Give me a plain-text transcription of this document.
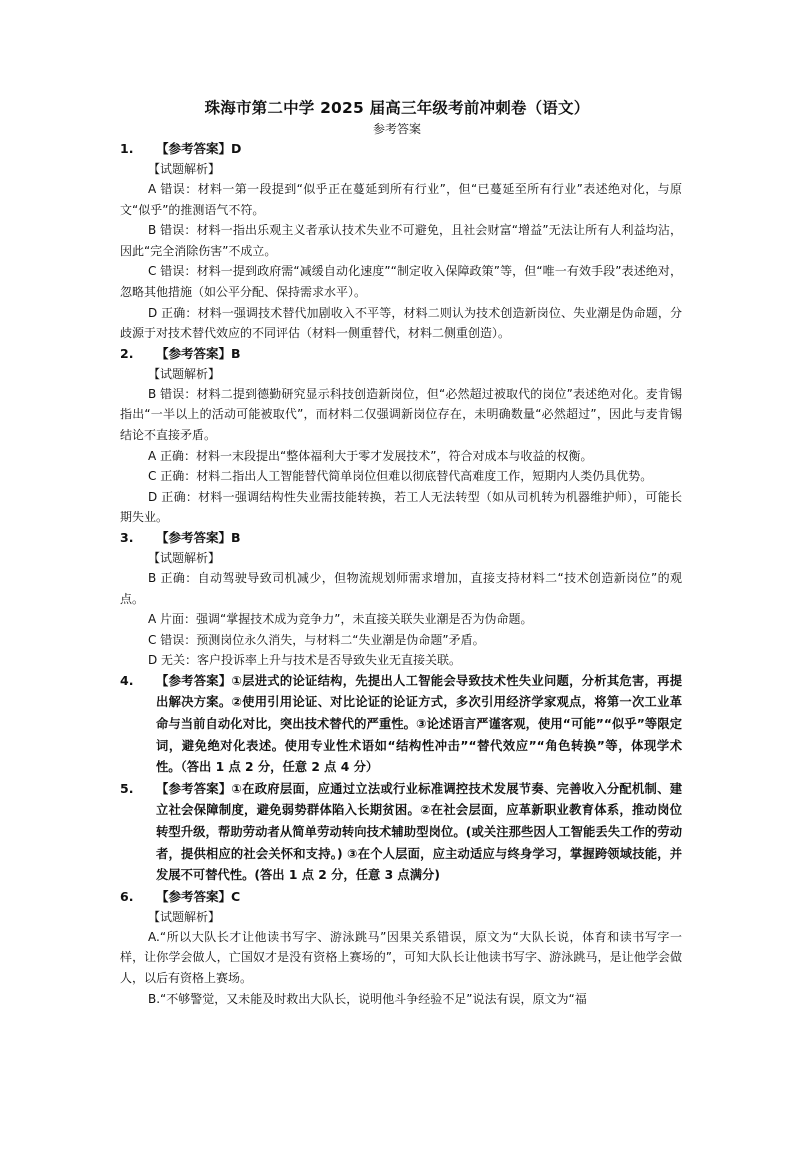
珠海市第二中学 2025 届高三年级考前冲刺卷（语文）
参考答案
1.	【参考答案】D
【试题解析】
A 错误：材料一第一段提到“似乎正在蔓延到所有行业”，但“已蔓延至所有行业”表述绝对化，与原文“似乎”的推测语气不符。
B 错误：材料一指出乐观主义者承认技术失业不可避免，且社会财富“增益”无法让所有人利益均沾，因此“完全消除伤害”不成立。
C 错误：材料一提到政府需“减缓自动化速度”“制定收入保障政策”等，但“唯一有效手段”表述绝对，忽略其他措施（如公平分配、保持需求水平）。
D 正确：材料一强调技术替代加剧收入不平等，材料二则认为技术创造新岗位、失业潮是伪命题，分歧源于对技术替代效应的不同评估（材料一侧重替代，材料二侧重创造）。
2.	【参考答案】B
【试题解析】
B 错误：材料二提到德勤研究显示科技创造新岗位，但“必然超过被取代的岗位”表述绝对化。麦肯锡指出“一半以上的活动可能被取代”，而材料二仅强调新岗位存在，未明确数量“必然超过”，因此与麦肯锡结论不直接矛盾。
A 正确：材料一末段提出“整体福利大于零才发展技术”，符合对成本与收益的权衡。
C 正确：材料二指出人工智能替代简单岗位但难以彻底替代高难度工作，短期内人类仍具优势。
D 正确：材料一强调结构性失业需技能转换，若工人无法转型（如从司机转为机器维护师），可能长期失业。
3.	【参考答案】B
【试题解析】
B 正确：自动驾驶导致司机减少，但物流规划师需求增加，直接支持材料二“技术创造新岗位”的观点。
A 片面：强调“掌握技术成为竞争力”，未直接关联失业潮是否为伪命题。
C 错误：预测岗位永久消失，与材料二“失业潮是伪命题”矛盾。
D 无关：客户投诉率上升与技术是否导致失业无直接关联。
4.	【参考答案】①层进式的论证结构，先提出人工智能会导致技术性失业问题，分析其危害，再提出解决方案。②使用引用论证、对比论证的论证方式，多次引用经济学家观点，将第一次工业革命与当前自动化对比，突出技术替代的严重性。③论述语言严谨客观，使用“可能”“似乎”等限定词，避免绝对化表述。使用专业性术语如“结构性冲击”“替代效应”“角色转换”等，体现学术性。（答出 1 点 2 分，任意 2 点 4 分）
5.	【参考答案】①在政府层面，应通过立法或行业标准调控技术发展节奏、完善收入分配机制、建立社会保障制度，避免弱势群体陷入长期贫困。②在社会层面，应革新职业教育体系，推动岗位转型升级，帮助劳动者从简单劳动转向技术辅助型岗位。(或关注那些因人工智能丢失工作的劳动者，提供相应的社会关怀和支持。) ③在个人层面，应主动适应与终身学习，掌握跨领域技能，并发展不可替代性。(答出 1 点 2 分，任意 3 点满分)
6.	【参考答案】C
【试题解析】
A.“所以大队长才让他读书写字、游泳跳马”因果关系错误，原文为“大队长说，体育和读书写字一样，让你学会做人，亡国奴才是没有资格上赛场的”，可知大队长让他读书写字、游泳跳马，是让他学会做人，以后有资格上赛场。
B.“不够警觉，又未能及时救出大队长，说明他斗争经验不足”说法有误，原文为“福
